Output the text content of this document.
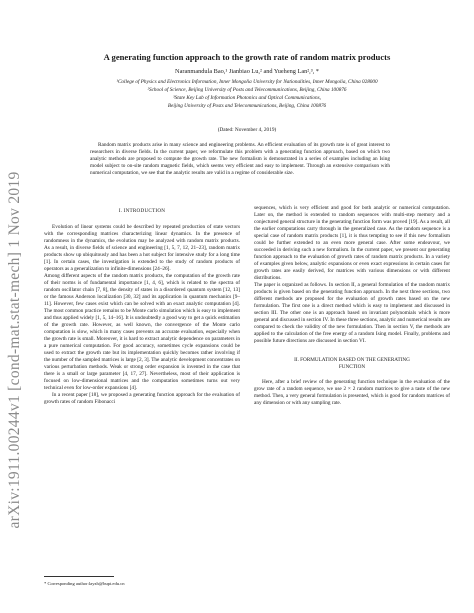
arXiv:1911.00244v1 [cond-mat.stat-mech] 1 Nov 2019
A generating function approach to the growth rate of random matrix products
Naranmandula Bao,¹ Jianbiao Lu,² and Yueheng Lan²,³, *
¹College of Physics and Electronics Information, Inner Mongolia University for Nationalities, Inner Mongolia, China 028000
²School of Science, Beijing University of Posts and Telecommunications, Beijing, China 100876
³State Key Lab of Information Photonics and Optical Communications,
Beijing University of Posts and Telecommunications, Beijing, China 100876
(Dated: November 4, 2019)

Random matrix products arise in many science and engineering problems. An efficient evaluation of its growth rate is of great interest to researchers in diverse fields. In the current paper, we reformulate this problem with a generating function approach, based on which two analytic methods are proposed to compute the growth rate. The new formalism is demonstrated in a series of examples including an Ising model subject to on-site random magnetic fields, which seems very efficient and easy to implement. Through an extensive comparison with numerical computation, we see that the analytic results are valid in a regime of considerable size.

I. INTRODUCTION

Evolution of linear systems could be described by repeated production of state vectors with the corresponding matrices characterizing linear dynamics. In the presence of randomness in the dynamics, the evolution may be analyzed with random matrix products. As a result, in diverse fields of science and engineering [1, 5, 7, 12, 21–23], random matrix products show up ubiquitously and has been a hot subject for intensive study for a long time [1]. In certain cases, the investigation is extended to the study of random products of operators as a generalization to infinite-dimensions [24–26].

Among different aspects of the random matrix products, the computation of the growth rate of their norms is of fundamental importance [1, 4, 6], which is related to the spectra of random oscillator chain [7, 8], the density of states in a disordered quantum system [12, 13] or the famous Anderson localization [30, 32] and its application in quantum mechanics [9–11]. However, few cases exist which can be solved with an exact analytic computation [4]. The most common practice remains to be Monte carlo simulation which is easy to implement and thus applied widely [1, 5, 14–16]. It is undoubtedly a good way to get a quick estimation of the growth rate. However, as well known, the convergence of the Monte carlo computation is slow, which in many cases prevents an accurate evaluation, especially when the growth rate is small. Moreover, it is hard to extract analytic dependence on parameters in a pure numerical computation. For good accuracy, sometimes cycle expansions could be used to extract the growth rate but its implementation quickly becomes rather involving if the number of the sampled matrices is large [2, 3]. The analytic development concentrates on various perturbation methods. Weak or strong order expansion is invented in the case that there is a small or large parameter [4, 17, 27]. Nevertheless, most of their application is focused on low-dimensional matrices and the computation sometimes turns out very technical even for low-order expansions [4].

In a recent paper [18], we proposed a generating function approach for the evaluation of growth rates of random Fibonacci

sequences, which is very efficient and good for both analytic or numerical computation. Later on, the method is extended to random sequences with multi-step memory and a conjectured general structure in the generating function form was proved [19]. As a result, all the earlier computations carry through in the generalized case. As the random sequence is a special case of random matrix products [1], it is thus tempting to see if this new formalism could be further extended to an even more general case. After some endeavour, we succeeded in deriving such a new formalism. In the current paper, we present our generating function approach to the evaluation of growth rates of random matrix products. In a variety of examples given below, analytic expansions or even exact expressions in certain cases for growth rates are easily derived, for matrices with various dimensions or with different distributions.

The paper is organized as follows. In section II, a general formulation of the random matrix products is given based on the generating function approach. In the next three sections, two different methods are proposed for the evaluation of growth rates based on the new formulation. The first one is a direct method which is easy to implement and discussed in section III. The other one is an approach based on invariant polynomials which is more general and discussed in section IV. In these three sections, analytic and numerical results are compared to check the validity of the new formulation. Then in section V, the methods are applied to the calculation of the free energy of a random Ising model. Finally, problems and possible future directions are discussed in section VI.

II. FORMULATION BASED ON THE GENERATING
FUNCTION

Here, after a brief review of the generating function technique in the evaluation of the grow rate of a random sequence, we use 2 × 2 random matrices to give a taste of the new method. Then, a very general formulation is presented, which is good for random matrices of any dimension or with any sampling rate.

* Corresponding author:layzh@bupt.edu.cn
